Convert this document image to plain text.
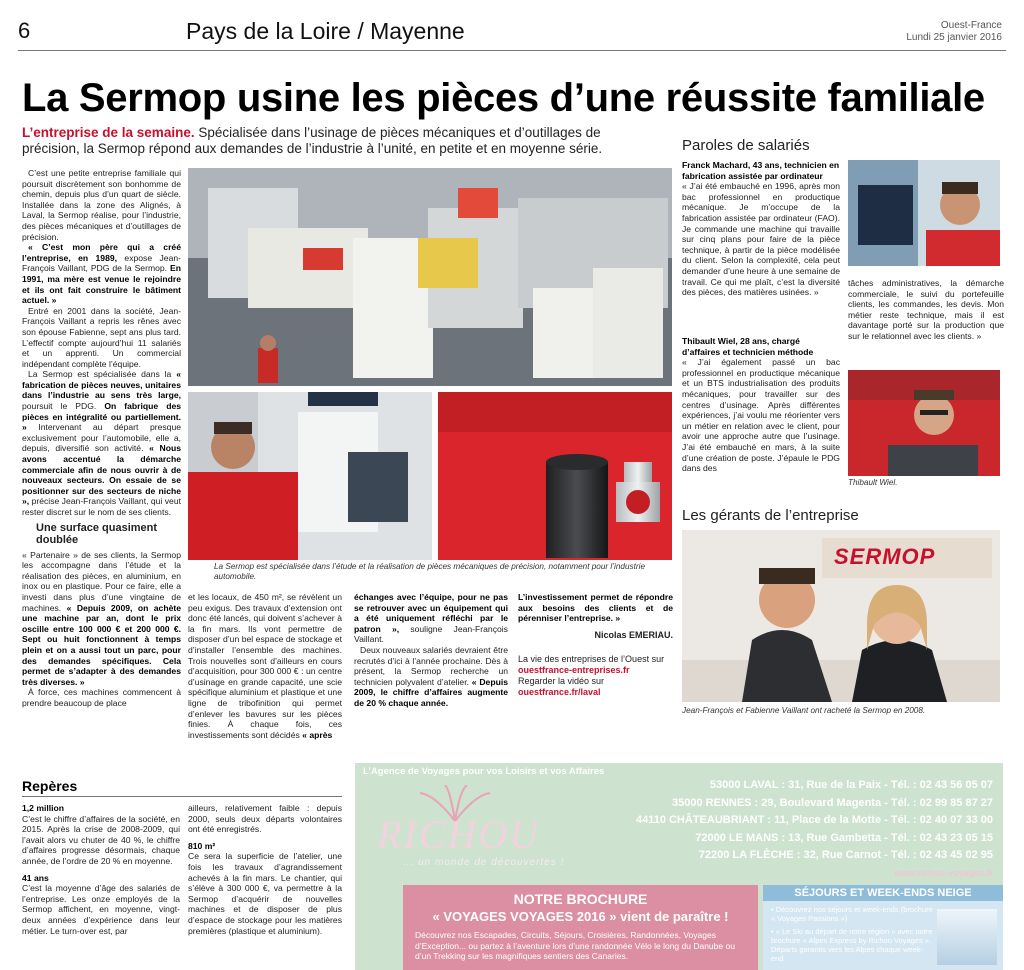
6	Pays de la Loire / Mayenne	Ouest-France
Lundi 25 janvier 2016
La Sermop usine les pièces d’une réussite familiale
L’entreprise de la semaine. Spécialisée dans l’usinage de pièces mécaniques et d’outillages de précision, la Sermop répond aux demandes de l’industrie à l’unité, en petite et en moyenne série.

C’est une petite entreprise familiale qui poursuit discrètement son bonhomme de chemin, depuis plus d’un quart de siècle. Installée dans la zone des Alignés, à Laval, la Sermop réalise, pour l’industrie, des pièces mécaniques et d’outillages de précision.

« C’est mon père qui a créé l’entreprise, en 1989, expose Jean-François Vaillant, PDG de la Sermop. En 1991, ma mère est venue le rejoindre et ils ont fait construire le bâtiment actuel. »

Entré en 2001 dans la société, Jean-François Vaillant a repris les rênes avec son épouse Fabienne, sept ans plus tard. L’effectif compte aujourd’hui 11 salariés et un apprenti. Un commercial indépendant complète l’équipe.

La Sermop est spécialisée dans la « fabrication de pièces neuves, unitaires dans l’industrie au sens très large, poursuit le PDG. On fabrique des pièces en intégralité ou partiellement. » Intervenant au départ presque exclusivement pour l’automobile, elle a, depuis, diversifié son activité. « Nous avons accentué la démarche commerciale afin de nous ouvrir à de nouveaux secteurs. On essaie de se positionner sur des secteurs de niche », précise Jean-François Vaillant, qui veut rester discret sur le nom de ses clients.

Une surface quasiment doublée

« Partenaire » de ses clients, la Sermop les accompagne dans l’étude et la réalisation des pièces, en aluminium, en inox ou en plastique. Pour ce faire, elle a investi dans plus d’une vingtaine de machines. « Depuis 2009, on achète une machine par an, dont le prix oscille entre 100 000 € et 200 000 €. Sept ou huit fonctionnent à temps plein et on a aussi tout un parc, pour des demandes spécifiques. Cela permet de s’adapter à des demandes très diverses. »

À force, ces machines commencent à prendre beaucoup de place

La Sermop est spécialisée dans l’étude et la réalisation de pièces mécaniques de précision, notamment pour l’industrie automobile.

et les locaux, de 450 m², se révèlent un peu exigus. Des travaux d’extension ont donc été lancés, qui doivent s’achever à la fin mars. Ils vont permettre de disposer d’un bel espace de stockage et d’installer l’ensemble des machines. Trois nouvelles sont d’ailleurs en cours d’acquisition, pour 300 000 € : un centre d’usinage en grande capacité, une scie spécifique aluminium et plastique et une ligne de tribofinition qui permet d’enlever les bavures sur les pièces finies. À chaque fois, ces investissements sont décidés « après

échanges avec l’équipe, pour ne pas se retrouver avec un équipement qui a été uniquement réfléchi par le patron », souligne Jean-François Vaillant.

Deux nouveaux salariés devraient être recrutés d’ici à l’année prochaine. Dès à présent, la Sermop recherche un technicien polyvalent d’atelier. « Depuis 2009, le chiffre d’affaires augmente de 20 % chaque année.

L’investissement permet de répondre aux besoins des clients et de pérenniser l’entreprise. »

Nicolas EMERIAU.

La vie des entreprises de l’Ouest sur ouestfrance-entreprises.fr
Regarder la vidéo sur ouestfrance.fr/laval

Paroles de salariés

Franck Machard, 43 ans, technicien en fabrication assistée par ordinateur

« J’ai été embauché en 1996, après mon bac professionnel en productique mécanique. Je m’occupe de la fabrication assistée par ordinateur (FAO). Je commande une machine qui travaille sur cinq plans pour faire de la pièce technique, à partir de la pièce modélisée du client. Selon la complexité, cela peut demander d’une heure à une semaine de travail. Ce qui me plaît, c’est la diversité des pièces, des matières usinées. »

tâches administratives, la démarche commerciale, le suivi du portefeuille clients, les commandes, les devis. Mon métier reste technique, mais il est davantage porté sur la production que sur le relationnel avec les clients. »

Thibault Wiel, 28 ans, chargé d’affaires et technicien méthode

« J’ai également passé un bac professionnel en productique mécanique et un BTS industrialisation des produits mécaniques, pour travailler sur des centres d’usinage. Après différentes expériences, j’ai voulu me réorienter vers un métier en relation avec le client, pour avoir une approche autre que l’usinage. J’ai été embauché en mars, à la suite d’une création de poste. J’épaule le PDG dans des

Thibault Wiel.
Les gérants de l’entreprise
SERMOP
Jean-François et Fabienne Vaillant ont racheté la Sermop en 2008.
Repères

1,2 million

C’est le chiffre d’affaires de la société, en 2015. Après la crise de 2008-2009, qui l’avait alors vu chuter de 40 %, le chiffre d’affaires progresse désormais, chaque année, de l’ordre de 20 % en moyenne.

41 ans

C’est la moyenne d’âge des salariés de l’entreprise. Les onze employés de la Sermop affichent, en moyenne, vingt-deux années d’expérience dans leur métier. Le turn-over est, par

ailleurs, relativement faible : depuis 2000, seuls deux départs volontaires ont été enregistrés.

810 m²

Ce sera la superficie de l’atelier, une fois les travaux d’agrandissement achevés à la fin mars. Le chantier, qui s’élève à 300 000 €, va permettre à la Sermop d’acquérir de nouvelles machines et de disposer de plus d’espace de stockage pour les matières premières (plastique et aluminium).

L’Agence de Voyages pour vos Loisirs et vos Affaires
RICHOU
... un monde de découvertes !
53000 LAVAL : 31, Rue de la Paix - Tél. : 02 43 56 05 07
35000 RENNES : 29, Boulevard Magenta - Tél. : 02 99 85 87 27
44110 CHÂTEAUBRIANT : 11, Place de la Motte - Tél. : 02 40 07 33 00
72000 LE MANS : 13, Rue Gambetta - Tél. : 02 43 23 05 15
72200 LA FLÈCHE : 32, Rue Carnot - Tél. : 02 43 45 02 95
www.richou-voyages.fr
NOTRE BROCHURE
« VOYAGES VOYAGES 2016 » vient de paraître !
Découvrez nos Escapades, Circuits, Séjours, Croisières, Randonnées, Voyages d’Exception... ou partez à l’aventure lors d’une randonnée Vélo le long du Danube ou d’un Trekking sur les magnifiques sentiers des Canaries.
SÉJOURS ET WEEK-ENDS NEIGE
• Découvrez nos séjours et week-ends (brochure « Voyages Passions »)
• « Le Ski au départ de notre région » avec notre brochure « Alpes Express by Richou Voyages ». Départs garantis vers les Alpes chaque week-end
